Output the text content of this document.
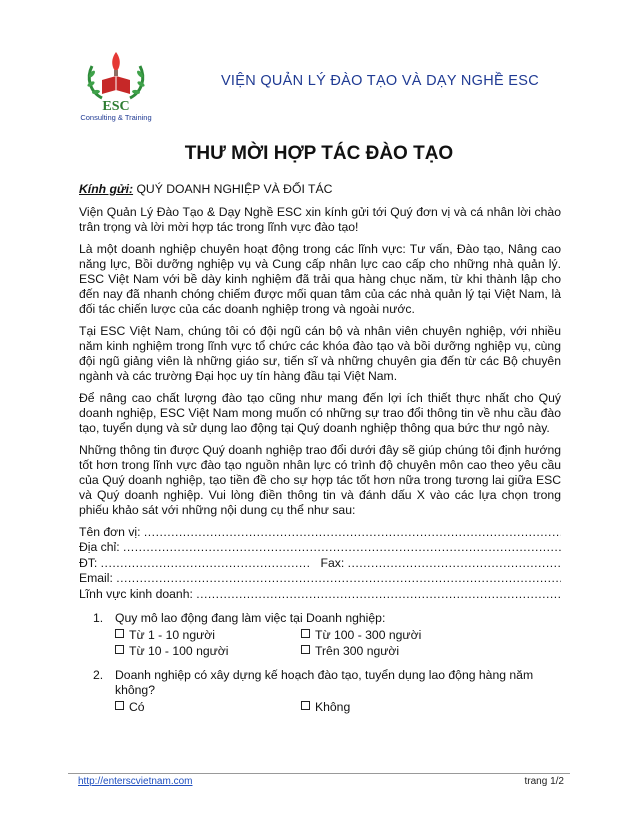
ESC
Consulting & Training
VIỆN QUẢN LÝ ĐÀO TẠO VÀ DẠY NGHỀ ESC
THƯ MỜI HỢP TÁC ĐÀO TẠO

Kính gửi: QUÝ DOANH NGHIỆP VÀ ĐỐI TÁC

Viện Quản Lý Đào Tạo & Dạy Nghề ESC xin kính gửi tới Quý đơn vị và cá nhân lời chào trân trọng và lời mời hợp tác trong lĩnh vực đào tạo!

Là một doanh nghiệp chuyên hoạt động trong các lĩnh vực: Tư vấn, Đào tạo, Nâng cao năng lực, Bồi dưỡng nghiệp vụ và Cung cấp nhân lực cao cấp cho những nhà quản lý. ESC Việt Nam với bề dày kinh nghiệm đã trải qua hàng chục năm, từ khi thành lập cho đến nay đã nhanh chóng chiếm được mối quan tâm của các nhà quản lý tại Việt Nam, là đối tác chiến lược của các doanh nghiệp trong và ngoài nước.

Tại ESC Việt Nam, chúng tôi có đội ngũ cán bộ và nhân viên chuyên nghiệp, với nhiều năm kinh nghiệm trong lĩnh vực tổ chức các khóa đào tạo và bồi dưỡng nghiệp vụ, cùng đội ngũ giảng viên là những giáo sư, tiến sĩ và những chuyên gia đến từ các Bộ chuyên ngành và các trường Đại học uy tín hàng đầu tại Việt Nam.

Để nâng cao chất lượng đào tạo cũng như mang đến lợi ích thiết thực nhất cho Quý doanh nghiệp, ESC Việt Nam mong muốn có những sự trao đổi thông tin về nhu cầu đào tạo, tuyển dụng và sử dụng lao động tại Quý doanh nghiệp thông qua bức thư ngỏ này.

Những thông tin được Quý doanh nghiệp trao đổi dưới đây sẽ giúp chúng tôi định hướng tốt hơn trong lĩnh vực đào tạo nguồn nhân lực có trình độ chuyên môn cao theo yêu cầu của Quý doanh nghiệp, tạo tiền đề cho sự hợp tác tốt hơn nữa trong tương lai giữa ESC và Quý doanh nghiệp. Vui lòng điền thông tin và đánh dấu X vào các lựa chọn trong phiếu khảo sát với những nội dung cụ thể như sau:

Tên đơn vị:

.....
Địa chỉ:

.....
ĐT:

.....
	Fax:

.....
Email:

.....
Lĩnh vực kinh doanh:

.....
1. Quy mô lao động đang làm việc tại Doanh nghiệp:
Từ 1 - 10 người	Từ 100 - 300 người
Từ 10 - 100 người	Trên 300 người
2. Doanh nghiệp có xây dựng kế hoạch đào tạo, tuyển dụng lao động hàng năm không?
Có	Không
http://enterscvietnam.com	trang 1/2
